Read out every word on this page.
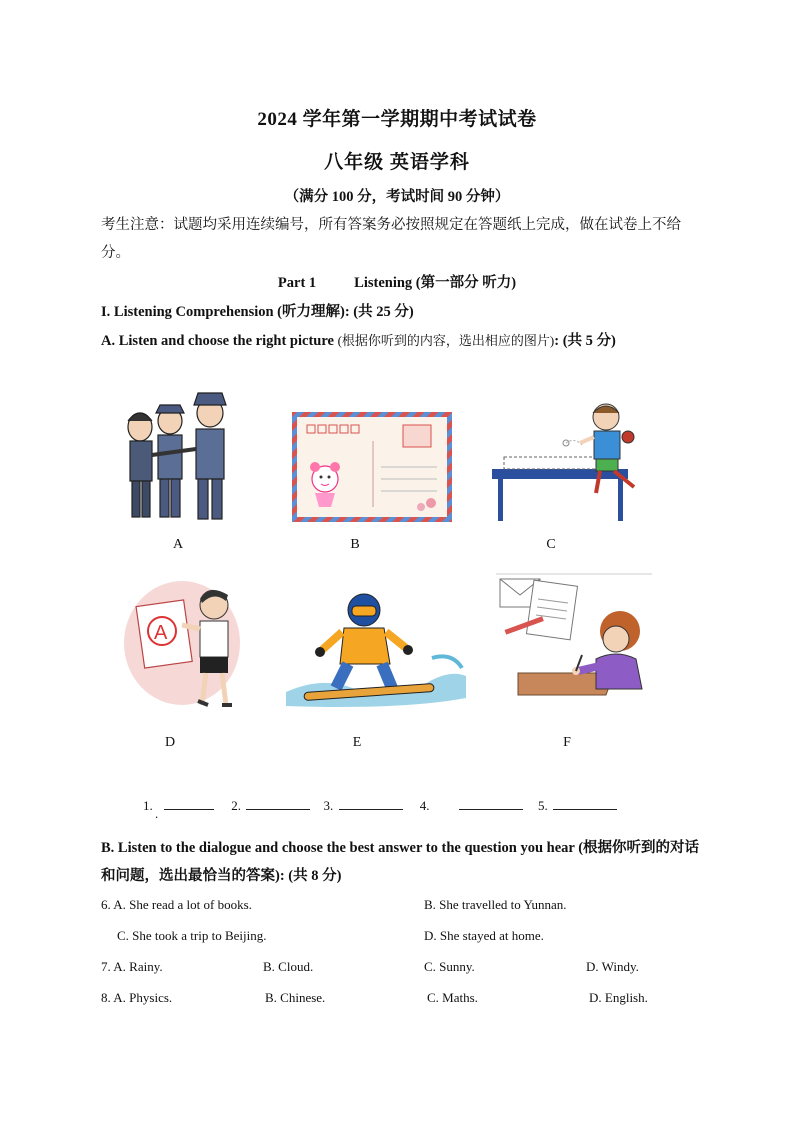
2024 学年第一学期期中考试试卷
八年级 英语学科
（满分 100 分，考试时间 90 分钟）
考生注意：试题均采用连续编号，所有答案务必按照规定在答题纸上完成，做在试卷上不给分。
Part 1	Listening (第一部分 听力)
I. Listening Comprehension (听力理解): (共 25 分)
A. Listen and choose the right picture (根据你听到的内容，选出相应的图片): (共 5 分)
A	B	C
A
D	E	F
1.	2.	3.	4.	5.
.
B. Listen to the dialogue and choose the best answer to the question you hear (根据你听到的对话和问题，选出最恰当的答案): (共 8 分)
6. A. She read a lot of books.	B. She travelled to Yunnan.
C. She took a trip to Beijing.	D. She stayed at home.
7. A. Rainy.	B. Cloud.	C. Sunny.	D. Windy.
8. A. Physics.	B. Chinese.	C. Maths.	D. English.
